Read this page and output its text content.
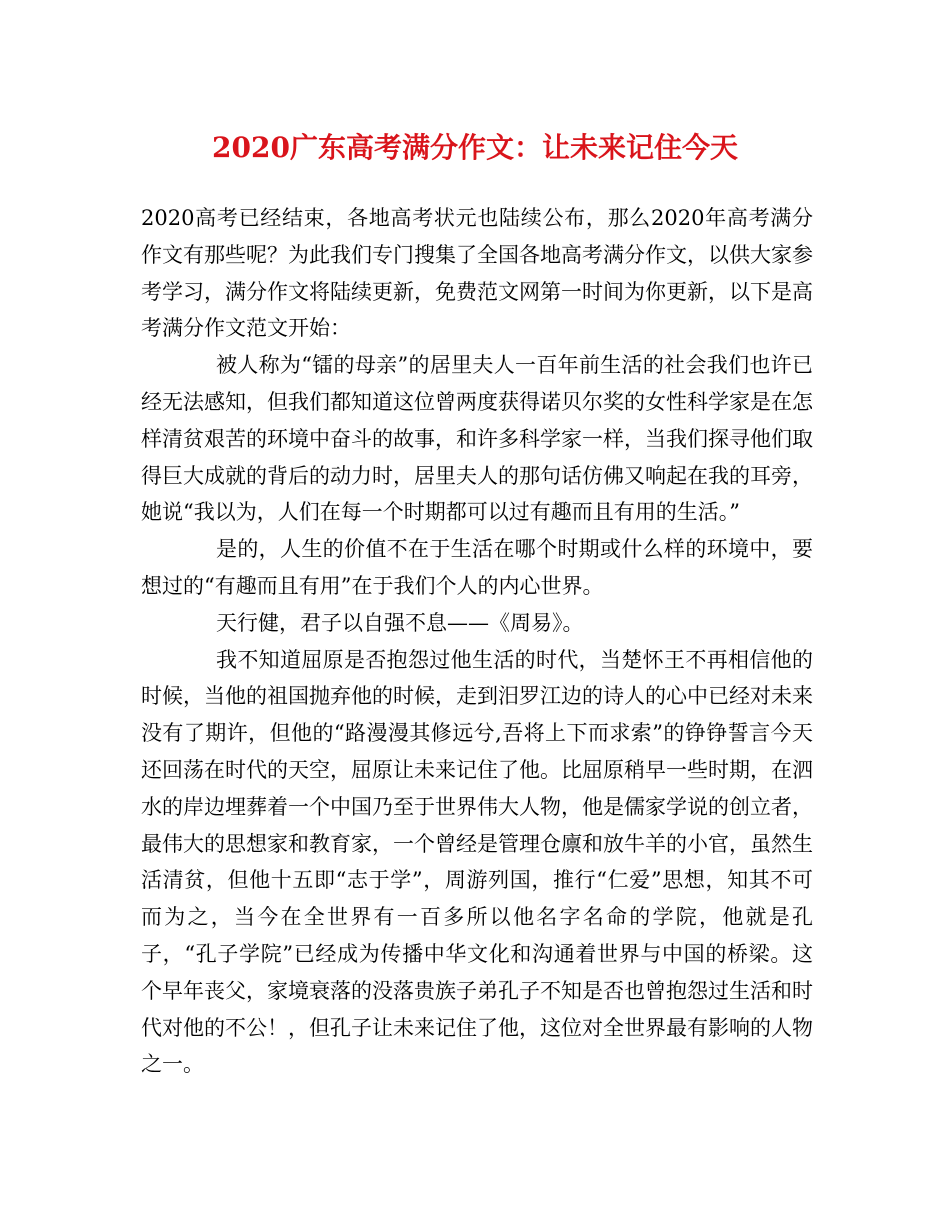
2020广东高考满分作文：让未来记住今天

2020高考已经结束，各地高考状元也陆续公布，那么2020年高考满分作文有那些呢？为此我们专门搜集了全国各地高考满分作文，以供大家参考学习，满分作文将陆续更新，免费范文网第一时间为你更新，以下是高考满分作文范文开始：

被人称为“镭的母亲”的居里夫人一百年前生活的社会我们也许已经无法感知，但我们都知道这位曾两度获得诺贝尔奖的女性科学家是在怎样清贫艰苦的环境中奋斗的故事，和许多科学家一样，当我们探寻他们取得巨大成就的背后的动力时，居里夫人的那句话仿佛又响起在我的耳旁，她说“我以为，人们在每一个时期都可以过有趣而且有用的生活。”

是的，人生的价值不在于生活在哪个时期或什么样的环境中，要想过的“有趣而且有用”在于我们个人的内心世界。

天行健，君子以自强不息——《周易》。

我不知道屈原是否抱怨过他生活的时代，当楚怀王不再相信他的时候，当他的祖国抛弃他的时候，走到汨罗江边的诗人的心中已经对未来没有了期许，但他的“路漫漫其修远兮,吾将上下而求索”的铮铮誓言今天还回荡在时代的天空，屈原让未来记住了他。比屈原稍早一些时期，在泗水的岸边埋葬着一个中国乃至于世界伟大人物，他是儒家学说的创立者，最伟大的思想家和教育家，一个曾经是管理仓廪和放牛羊的小官，虽然生活清贫，但他十五即“志于学”，周游列国，推行“仁爱”思想，知其不可而为之，当今在全世界有一百多所以他名字名命的学院，他就是孔子，“孔子学院”已经成为传播中华文化和沟通着世界与中国的桥梁。这个早年丧父，家境衰落的没落贵族子弟孔子不知是否也曾抱怨过生活和时代对他的不公！，但孔子让未来记住了他，这位对全世界最有影响的人物之一。
